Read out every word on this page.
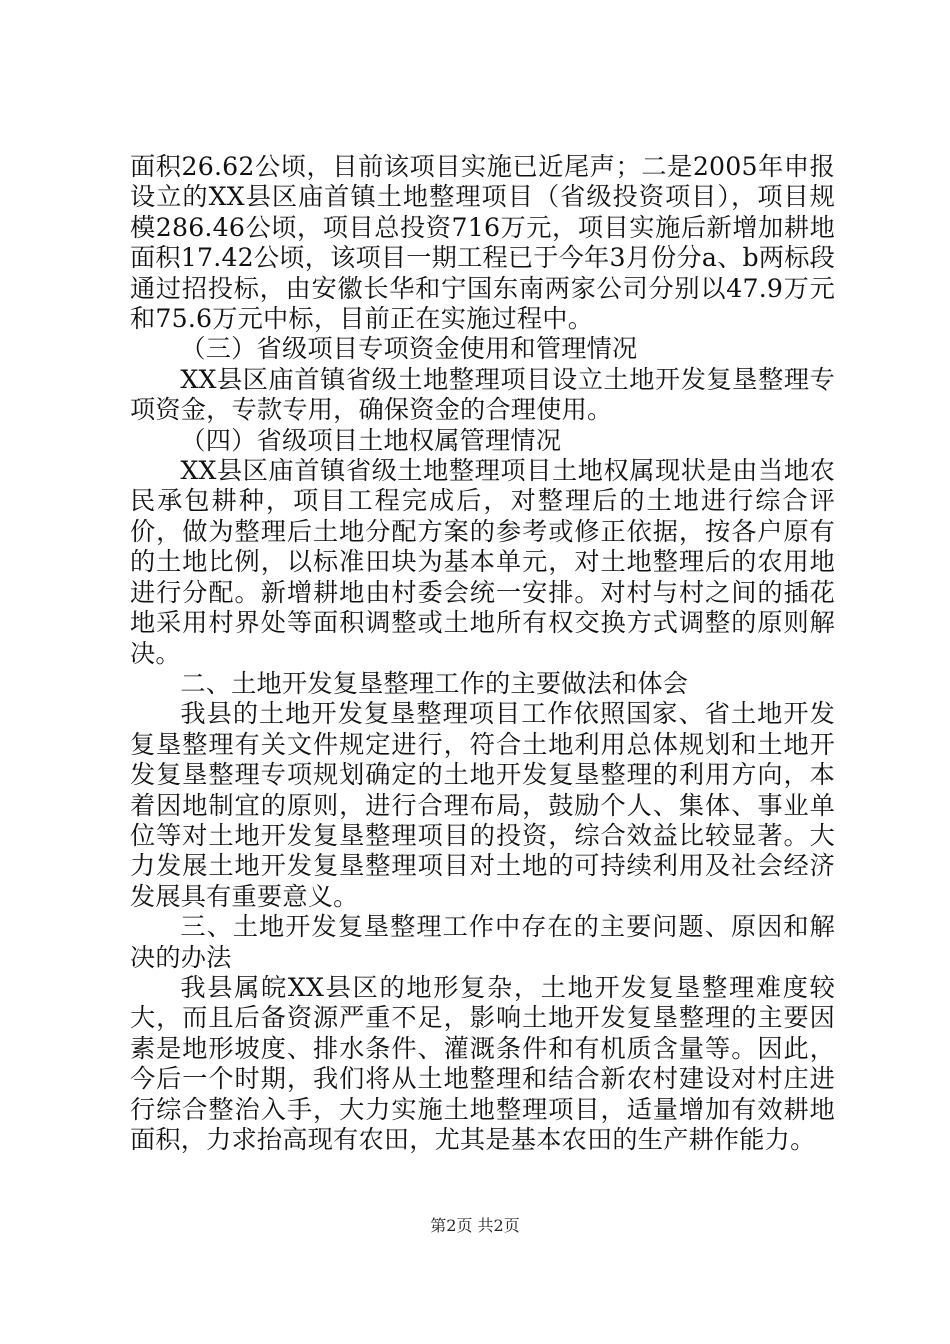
面积26.62公顷，目前该项目实施已近尾声；二是2005年申报设立的XX县区庙首镇土地整理项目（省级投资项目），项目规模286.46公顷，项目总投资716万元，项目实施后新增加耕地面积17.42公顷，该项目一期工程已于今年3月份分a、b两标段通过招投标，由安徽长华和宁国东南两家公司分别以47.9万元和75.6万元中标，目前正在实施过程中。

（三）省级项目专项资金使用和管理情况

XX县区庙首镇省级土地整理项目设立土地开发复垦整理专项资金，专款专用，确保资金的合理使用。

（四）省级项目土地权属管理情况

XX县区庙首镇省级土地整理项目土地权属现状是由当地农民承包耕种，项目工程完成后，对整理后的土地进行综合评价，做为整理后土地分配方案的参考或修正依据，按各户原有的土地比例，以标准田块为基本单元，对土地整理后的农用地进行分配。新增耕地由村委会统一安排。对村与村之间的插花地采用村界处等面积调整或土地所有权交换方式调整的原则解决。

二、土地开发复垦整理工作的主要做法和体会

我县的土地开发复垦整理项目工作依照国家、省土地开发复垦整理有关文件规定进行，符合土地利用总体规划和土地开发复垦整理专项规划确定的土地开发复垦整理的利用方向，本着因地制宜的原则，进行合理布局，鼓励个人、集体、事业单位等对土地开发复垦整理项目的投资，综合效益比较显著。大力发展土地开发复垦整理项目对土地的可持续利用及社会经济发展具有重要意义。

三、土地开发复垦整理工作中存在的主要问题、原因和解决的办法

我县属皖XX县区的地形复杂，土地开发复垦整理难度较大，而且后备资源严重不足，影响土地开发复垦整理的主要因素是地形坡度、排水条件、灌溉条件和有机质含量等。因此，今后一个时期，我们将从土地整理和结合新农村建设对村庄进行综合整治入手，大力实施土地整理项目，适量增加有效耕地面积，力求抬高现有农田，尤其是基本农田的生产耕作能力。

第2页 共2页
